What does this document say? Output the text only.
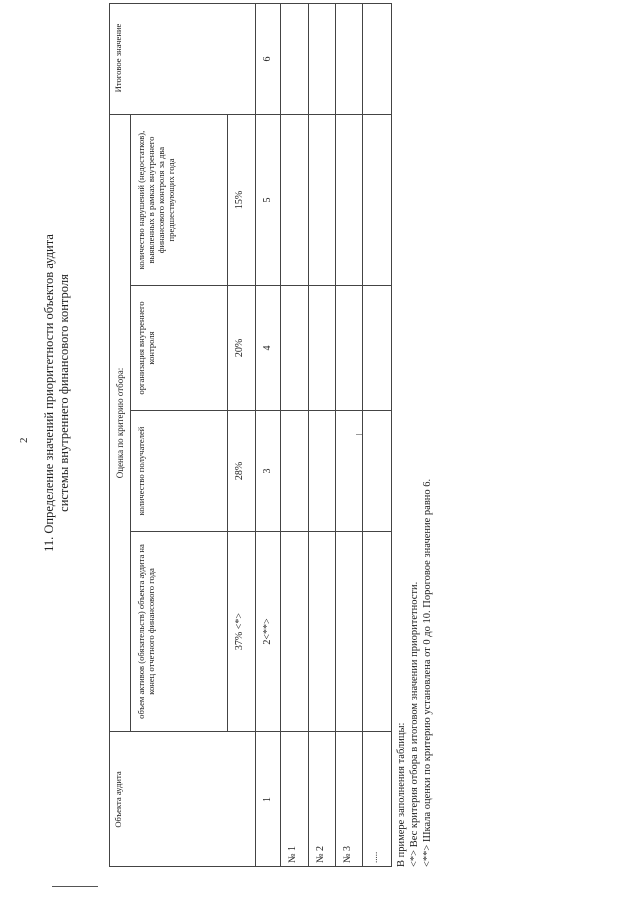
2 11. Определение значений приоритетности объектов аудита системы внутреннего финансового контроля
Объекта аудита
Оценка по критерию отбора:
Итоговое значение
объем активов (обязательств) объекта аудита на конец отчетного финансового года
количество получателей
организация внутреннего контроля
количество нарушений (недостатков), выявленных в рамках внутреннего финансового контроля за два предшествующих года
37% <*>
28%
20%
15%
1
2<**>
3
4
5
6
№ 1 № 2 № 3 ..... В примере заполнения таблицы: <*> Вес критерия отбора в итоговом значении приоритетности. <**> Шкала оценки по критерию установлена от 0 до 10. Пороговое значение равно 6.
